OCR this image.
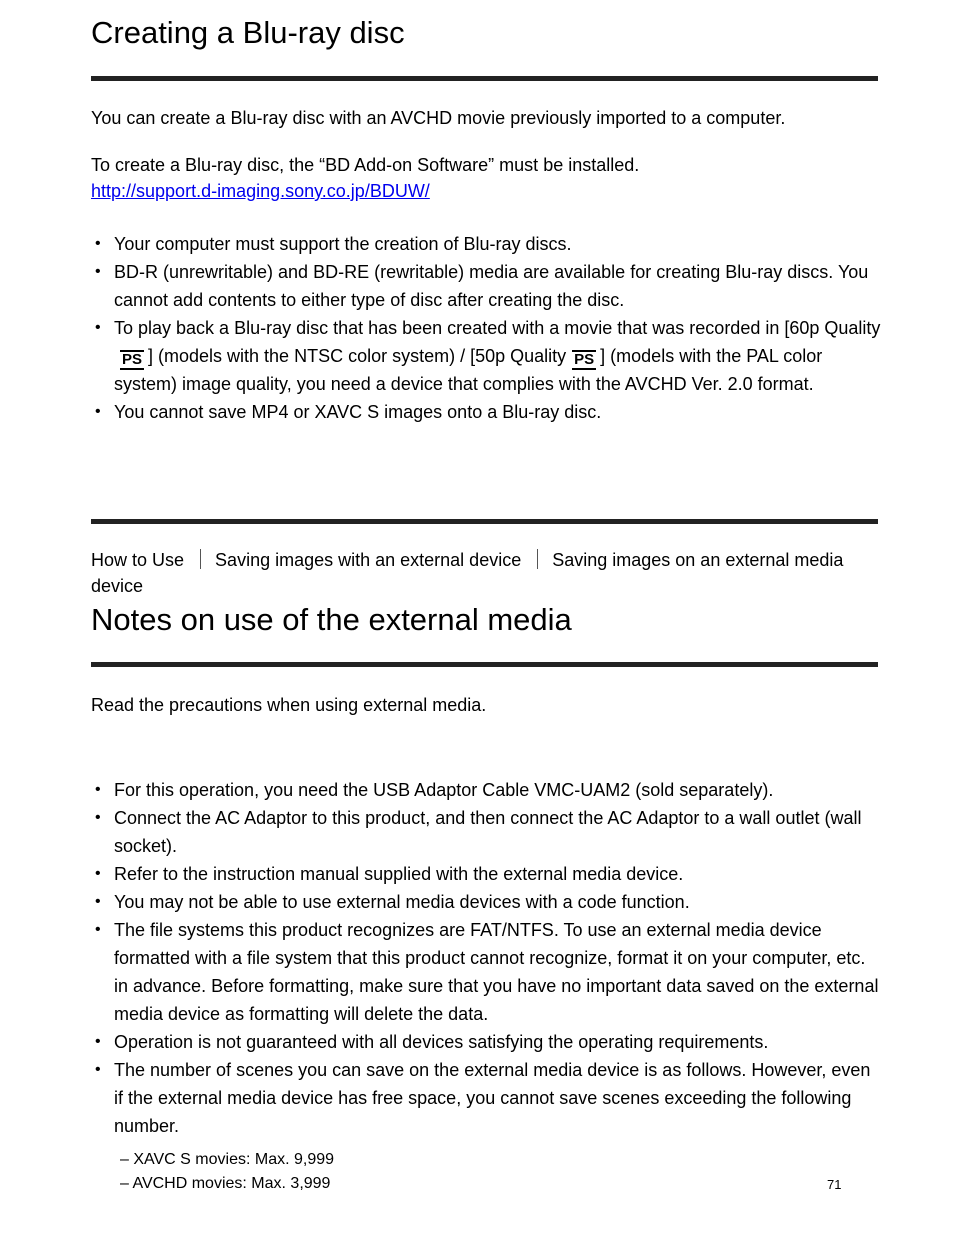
Creating a Blu-ray disc
You can create a Blu-ray disc with an AVCHD movie previously imported to a computer.
To create a Blu-ray disc, the “BD Add-on Software” must be installed.
http://support.d-imaging.sony.co.jp/BDUW/
• Your computer must support the creation of Blu-ray discs.
• BD-R (unrewritable) and BD-RE (rewritable) media are available for creating Blu-ray discs. You cannot add contents to either type of disc after creating the disc.
• To play back a Blu-ray disc that has been created with a movie that was recorded in [60p QualityPS ] (models with the NTSC color system) / [50p Quality PS ] (models with the PAL color system) image quality, you need a device that complies with the AVCHD Ver. 2.0 format.
• You cannot save MP4 or XAVC S images onto a Blu-ray disc.
How to Use Saving images with an external device Saving images on an external media device
Notes on use of the external media
Read the precautions when using external media.
• For this operation, you need the USB Adaptor Cable VMC-UAM2 (sold separately).
• Connect the AC Adaptor to this product, and then connect the AC Adaptor to a wall outlet (wall socket).
• Refer to the instruction manual supplied with the external media device.
• You may not be able to use external media devices with a code function.
• The file systems this product recognizes are FAT/NTFS. To use an external media device formatted with a file system that this product cannot recognize, format it on your computer, etc. in advance. Before formatting, make sure that you have no important data saved on the external media device as formatting will delete the data.
• Operation is not guaranteed with all devices satisfying the operating requirements.
• The number of scenes you can save on the external media device is as follows. However, even if the external media device has free space, you cannot save scenes exceeding the following number.
– XAVC S movies: Max. 9,999
– AVCHD movies: Max. 3,999	71
